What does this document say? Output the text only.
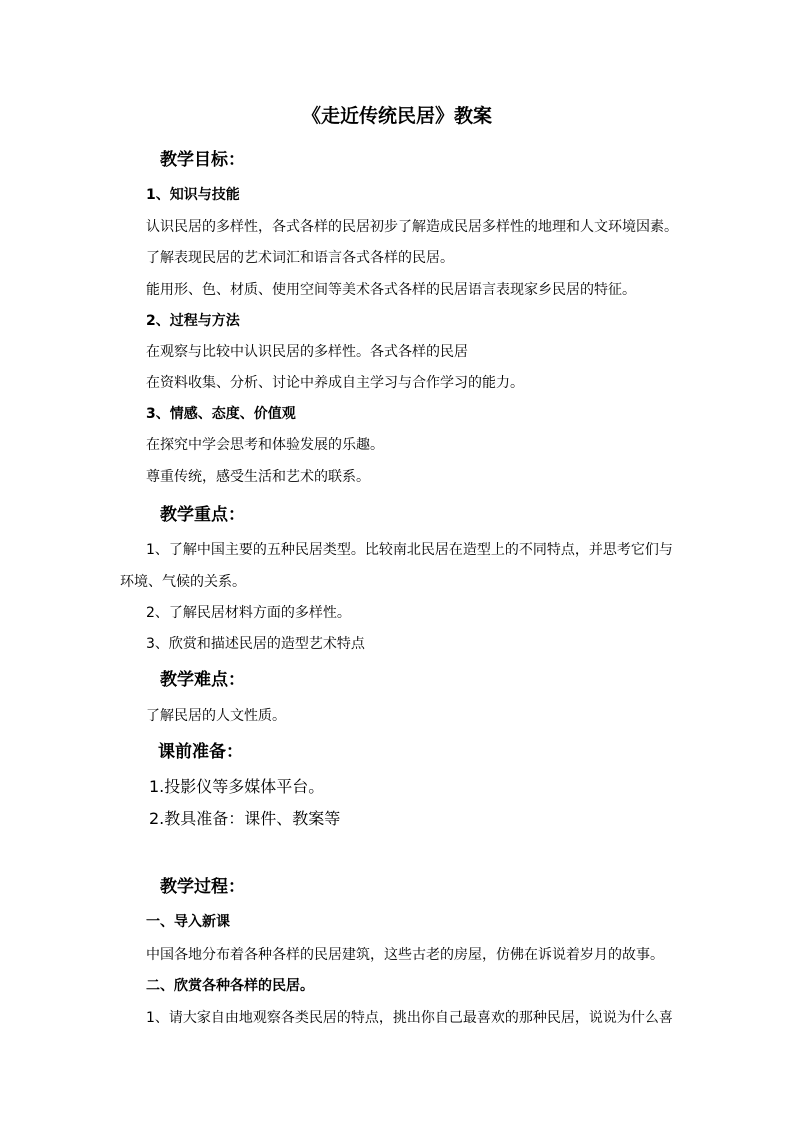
《走近传统民居》教案
教学目标：
1、知识与技能
认识民居的多样性，各式各样的民居初步了解造成民居多样性的地理和人文环境因素。
了解表现民居的艺术词汇和语言各式各样的民居。
能用形、色、材质、使用空间等美术各式各样的民居语言表现家乡民居的特征。
2、过程与方法
在观察与比较中认识民居的多样性。各式各样的民居
在资料收集、分析、讨论中养成自主学习与合作学习的能力。
3、情感、态度、价值观
在探究中学会思考和体验发展的乐趣。
尊重传统，感受生活和艺术的联系。
教学重点：
1、了解中国主要的五种民居类型。比较南北民居在造型上的不同特点，并思考它们与
环境、气候的关系。
2、了解民居材料方面的多样性。
3、欣赏和描述民居的造型艺术特点
教学难点：
了解民居的人文性质。
课前准备：
1.投影仪等多媒体平台。
2.教具准备：课件、教案等
教学过程：
一、导入新课
中国各地分布着各种各样的民居建筑，这些古老的房屋，仿佛在诉说着岁月的故事。
二、欣赏各种各样的民居。
1、请大家自由地观察各类民居的特点，挑出你自己最喜欢的那种民居，说说为什么喜
